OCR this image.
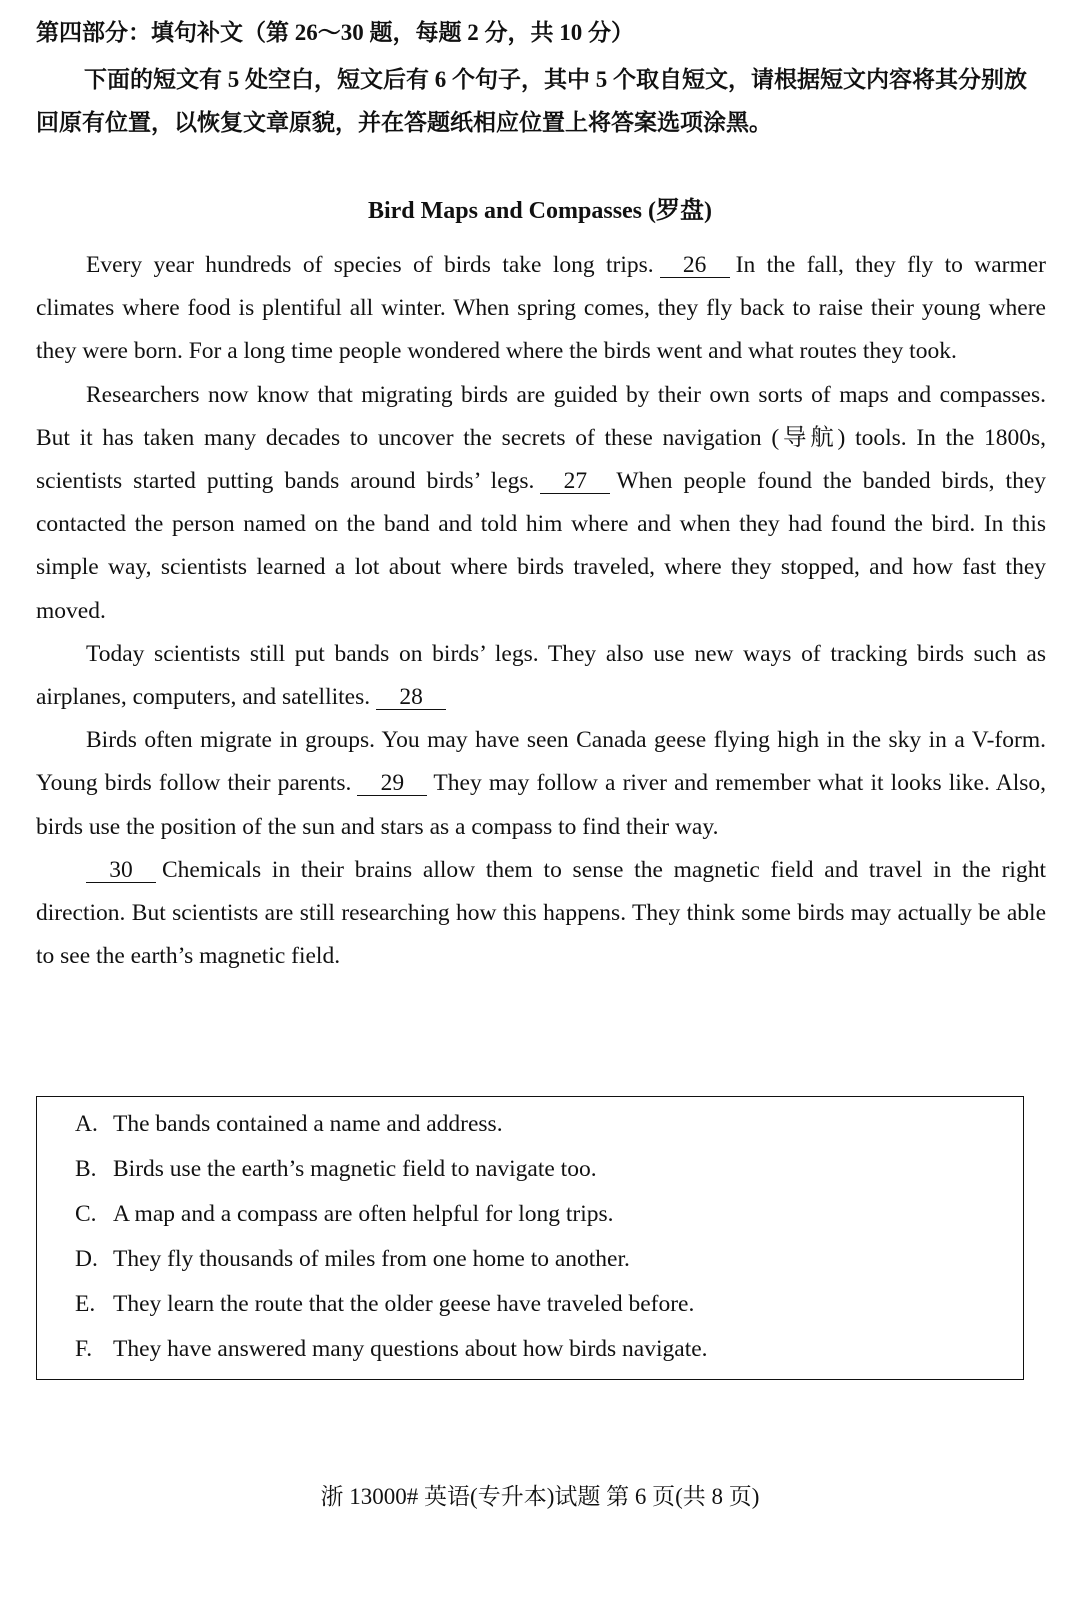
第四部分：填句补文（第 26～30 题，每题 2 分，共 10 分）
下面的短文有 5 处空白，短文后有 6 个句子，其中 5 个取自短文，请根据短文内容将其分别放回原有位置，以恢复文章原貌，并在答题纸相应位置上将答案选项涂黑。
Bird Maps and Compasses (罗盘)

Every year hundreds of species of birds take long trips. 26 In the fall, they fly to warmer climates where food is plentiful all winter. When spring comes, they fly back to raise their young where they were born. For a long time people wondered where the birds went and what routes they took.

Researchers now know that migrating birds are guided by their own sorts of maps and compasses. But it has taken many decades to uncover the secrets of these navigation (导航) tools. In the 1800s, scientists started putting bands around birds’ legs. 27 When people found the banded birds, they contacted the person named on the band and told him where and when they had found the bird. In this simple way, scientists learned a lot about where birds traveled, where they stopped, and how fast they moved.

Today scientists still put bands on birds’ legs. They also use new ways of tracking birds such as airplanes, computers, and satellites. 28

Birds often migrate in groups. You may have seen Canada geese flying high in the sky in a V-form. Young birds follow their parents. 29 They may follow a river and remember what it looks like. Also, birds use the position of the sun and stars as a compass to find their way.

30 Chemicals in their brains allow them to sense the magnetic field and travel in the right direction. But scientists are still researching how this happens. They think some birds may actually be able to see the earth’s magnetic field.

A. The bands contained a name and address.
B. Birds use the earth’s magnetic field to navigate too.
C. A map and a compass are often helpful for long trips.
D. They fly thousands of miles from one home to another.
E. They learn the route that the older geese have traveled before.
F. They have answered many questions about how birds navigate.
浙 13000# 英语(专升本)试题 第 6 页(共 8 页)
